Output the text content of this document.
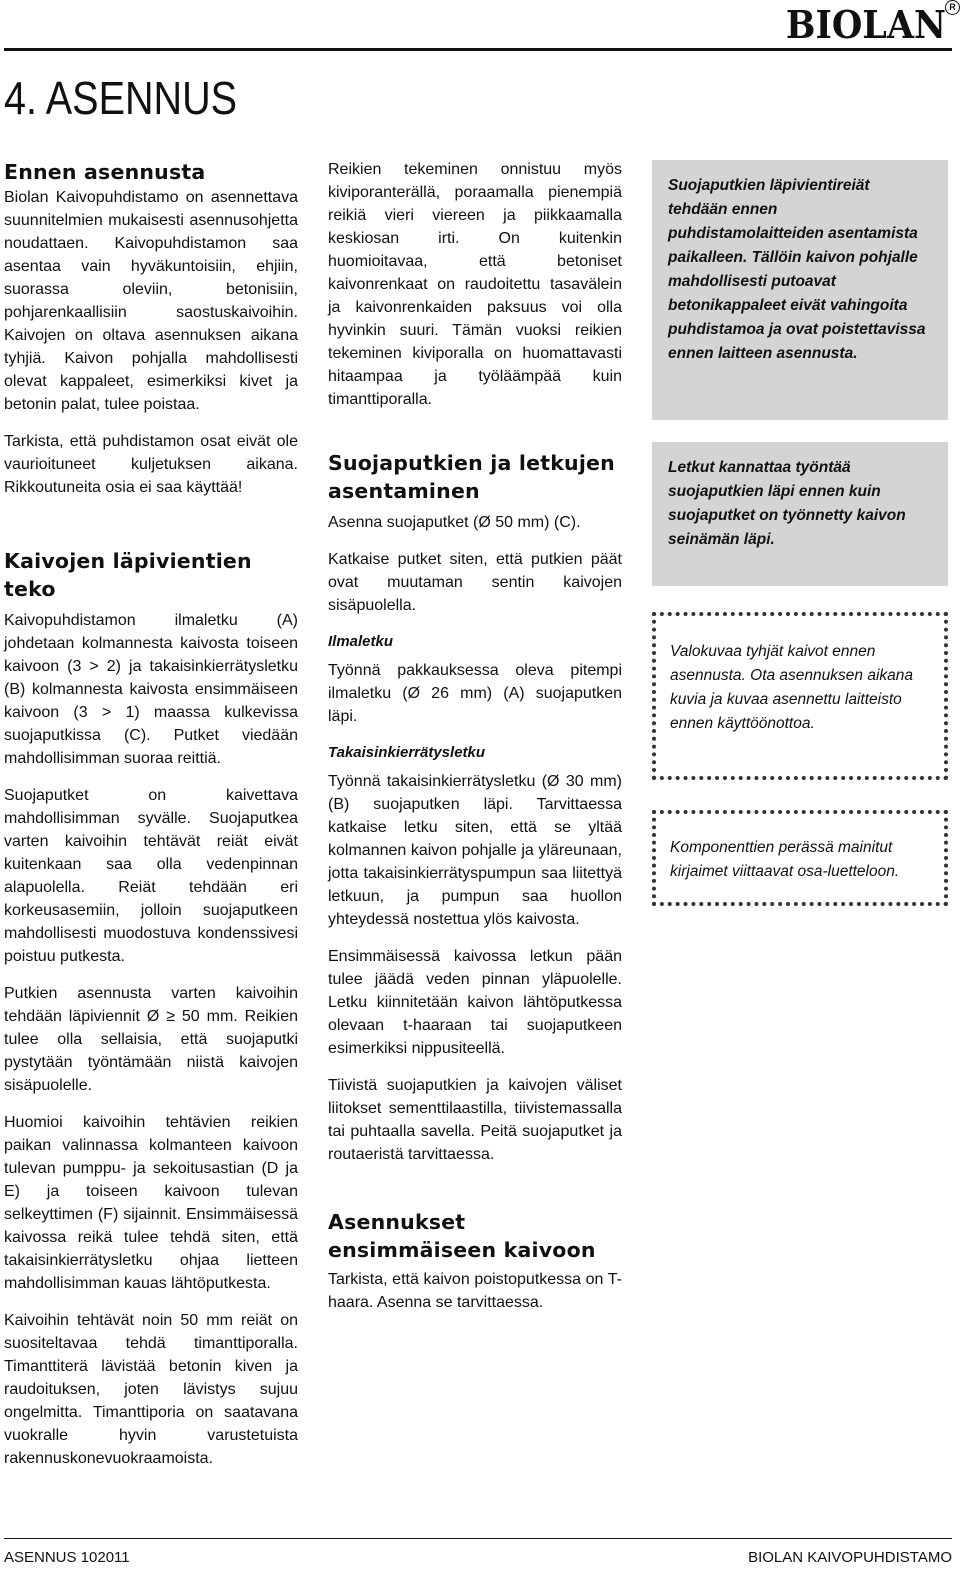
BIOLAN R
4. ASENNUS
Ennen asennusta

Biolan Kaivopuhdistamo on asennettava suunnitelmien mukaisesti asennusohjetta noudattaen. Kaivopuhdistamon saa asentaa vain hyväkuntoisiin, ehjiin, suorassa oleviin, betonisiin, pohjarenkaallisiin saostuskaivoihin. Kaivojen on oltava asennuksen aikana tyhjiä. Kaivon pohjalla mahdollisesti olevat kappaleet, esimerkiksi kivet ja betonin palat, tulee poistaa.

Tarkista, että puhdistamon osat eivät ole vaurioituneet kuljetuksen aikana. Rikkoutuneita osia ei saa käyttää!

Kaivojen läpivientien teko

Kaivopuhdistamon ilmaletku (A) johdetaan kolmannesta kaivosta toiseen kaivoon (3 > 2) ja takaisinkierrätysletku (B) kolmannesta kaivosta ensimmäiseen kaivoon (3 > 1) maassa kulkevissa suojaputkissa (C). Putket viedään mahdollisimman suoraa reittiä.

Suojaputket on kaivettava mahdollisimman syvälle. Suojaputkea varten kaivoihin tehtävät reiät eivät kuitenkaan saa olla vedenpinnan alapuolella. Reiät tehdään eri korkeusasemiin, jolloin suojaputkeen mahdollisesti muodostuva kondenssivesi poistuu putkesta.

Putkien asennusta varten kaivoihin tehdään läpiviennit Ø ≥ 50 mm. Reikien tulee olla sellaisia, että suojaputki pystytään työntämään niistä kaivojen sisäpuolelle.

Huomioi kaivoihin tehtävien reikien paikan valinnassa kolmanteen kaivoon tulevan pumppu- ja sekoitusastian (D ja E) ja toiseen kaivoon tulevan selkeyttimen (F) sijainnit. Ensimmäisessä kaivossa reikä tulee tehdä siten, että takaisinkierrätysletku ohjaa lietteen mahdollisimman kauas lähtöputkesta.

Kaivoihin tehtävät noin 50 mm reiät on suositeltavaa tehdä timanttiporalla. Timanttiterä lävistää betonin kiven ja raudoituksen, joten lävistys sujuu ongelmitta. Timanttiporia on saatavana vuokralle hyvin varustetuista rakennuskonevuokraamoista.

Reikien tekeminen onnistuu myös kiviporanterällä, poraamalla pienempiä reikiä vieri viereen ja piikkaamalla keskiosan irti. On kuitenkin huomioitavaa, että betoniset kaivonrenkaat on raudoitettu tasavälein ja kaivonrenkaiden paksuus voi olla hyvinkin suuri. Tämän vuoksi reikien tekeminen kiviporalla on huomattavasti hitaampaa ja työläämpää kuin timanttiporalla.

Suojaputkien ja letkujen asentaminen

Asenna suojaputket (Ø 50 mm) (C).

Katkaise putket siten, että putkien päät ovat muutaman sentin kaivojen sisäpuolella.

Ilmaletku

Työnnä pakkauksessa oleva pitempi ilmaletku (Ø 26 mm) (A) suojaputken läpi.

Takaisinkierrätysletku

Työnnä takaisinkierrätysletku (Ø 30 mm) (B) suojaputken läpi. Tarvittaessa katkaise letku siten, että se yltää kolmannen kaivon pohjalle ja yläreunaan, jotta takaisinkierrätyspumpun saa liitettyä letkuun, ja pumpun saa huollon yhteydessä nostettua ylös kaivosta.

Ensimmäisessä kaivossa letkun pään tulee jäädä veden pinnan yläpuolelle. Letku kiinnitetään kaivon lähtöputkessa olevaan t-haaraan tai suojaputkeen esimerkiksi nippusiteellä.

Tiivistä suojaputkien ja kaivojen väliset liitokset sementtilaastilla, tiivistemassalla tai puhtaalla savella. Peitä suojaputket ja routaeristä tarvittaessa.

Asennukset ensimmäiseen kaivoon

Tarkista, että kaivon poistoputkessa on T-haara. Asenna se tarvittaessa.

Suojaputkien läpivientireiät tehdään ennen puhdistamolaitteiden asentamista paikalleen. Tällöin kaivon pohjalle mahdollisesti putoavat betonikappaleet eivät vahingoita puhdistamoa ja ovat poistettavissa ennen laitteen asennusta.
Letkut kannattaa työntää suojaputkien läpi ennen kuin suojaputket on työnnetty kaivon seinämän läpi.
Valokuvaa tyhjät kaivot ennen asennusta. Ota asennuksen aikana kuvia ja kuvaa asennettu laitteisto ennen käyttöönottoa.
Komponenttien perässä mainitut kirjaimet viittaavat osa-luetteloon.
ASENNUS 102011	BIOLAN KAIVOPUHDISTAMO
